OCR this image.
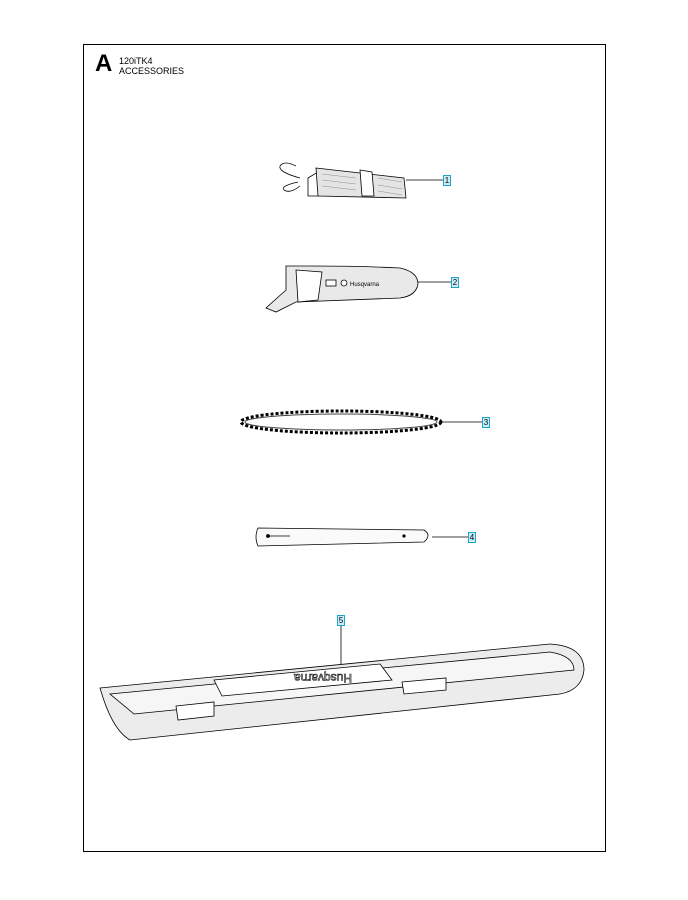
A 120iTK4
ACCESSORIES
Husqvarna
Husqvarna
1
2
3
4
5
